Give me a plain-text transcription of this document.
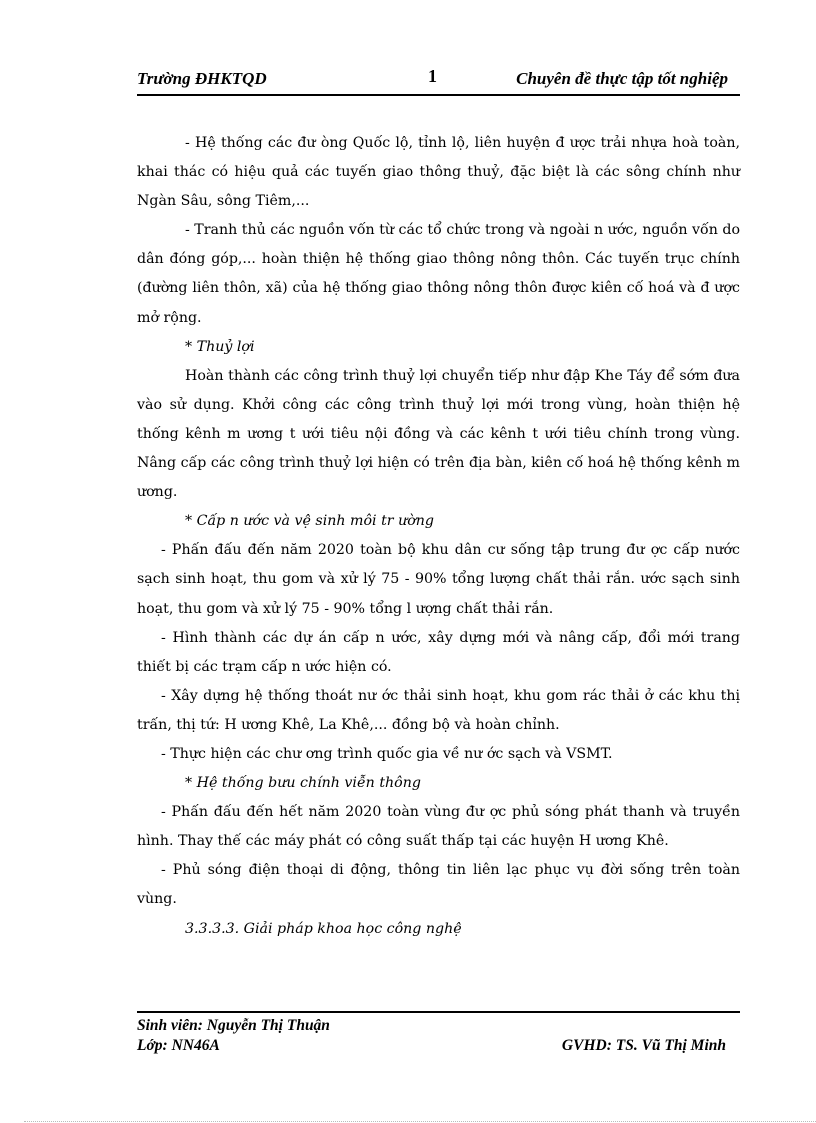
Trường ĐHKTQD	1	Chuyên đề thực tập tốt nghiệp

- Hệ thống các đư òng Quốc lộ, tỉnh lộ, liên huyện đ ược trải nhựa hoà toàn, khai thác có hiệu quả các tuyến giao thông thuỷ, đặc biệt là các sông chính như Ngàn Sâu, sông Tiêm,...

- Tranh thủ các nguồn vốn từ các tổ chức trong và ngoài n ước, nguồn vốn do dân đóng góp,... hoàn thiện hệ thống giao thông nông thôn. Các tuyến trục chính (đường liên thôn, xã) của hệ thống giao thông nông thôn được kiên cố hoá và đ ược mở rộng.

* Thuỷ lợi

Hoàn thành các công trình thuỷ lợi chuyển tiếp như đập Khe Táy để sớm đưa vào sử dụng. Khởi công các công trình thuỷ lợi mới trong vùng, hoàn thiện hệ thống kênh m ương t ưới tiêu nội đồng và các kênh t ưới tiêu chính trong vùng. Nâng cấp các công trình thuỷ lợi hiện có trên địa bàn, kiên cố hoá hệ thống kênh m ương.

* Cấp n ước và vệ sinh môi tr ường

- Phấn đấu đến năm 2020 toàn bộ khu dân cư sống tập trung đư ợc cấp nước sạch sinh hoạt, thu gom và xử lý 75 - 90% tổng lượng chất thải rắn. ước sạch sinh hoạt, thu gom và xử lý 75 - 90% tổng l ượng chất thải rắn.

- Hình thành các dự án cấp n ước, xây dựng mới và nâng cấp, đổi mới trang thiết bị các trạm cấp n ước hiện có.

- Xây dựng hệ thống thoát nư ớc thải sinh hoạt, khu gom rác thải ở các khu thị trấn, thị tứ: H ương Khê, La Khê,... đồng bộ và hoàn chỉnh.

- Thực hiện các chư ơng trình quốc gia về nư ớc sạch và VSMT.

* Hệ thống bưu chính viễn thông

- Phấn đấu đến hết năm 2020 toàn vùng đư ợc phủ sóng phát thanh và truyền hình. Thay thế các máy phát có công suất thấp tại các huyện H ương Khê.

- Phủ sóng điện thoại di động, thông tin liên lạc phục vụ đời sống trên toàn vùng.

3.3.3.3. Giải pháp khoa học công nghệ

Sinh viên: Nguyễn Thị Thuận
Lớp: NN46A	GVHD: TS. Vũ Thị Minh
